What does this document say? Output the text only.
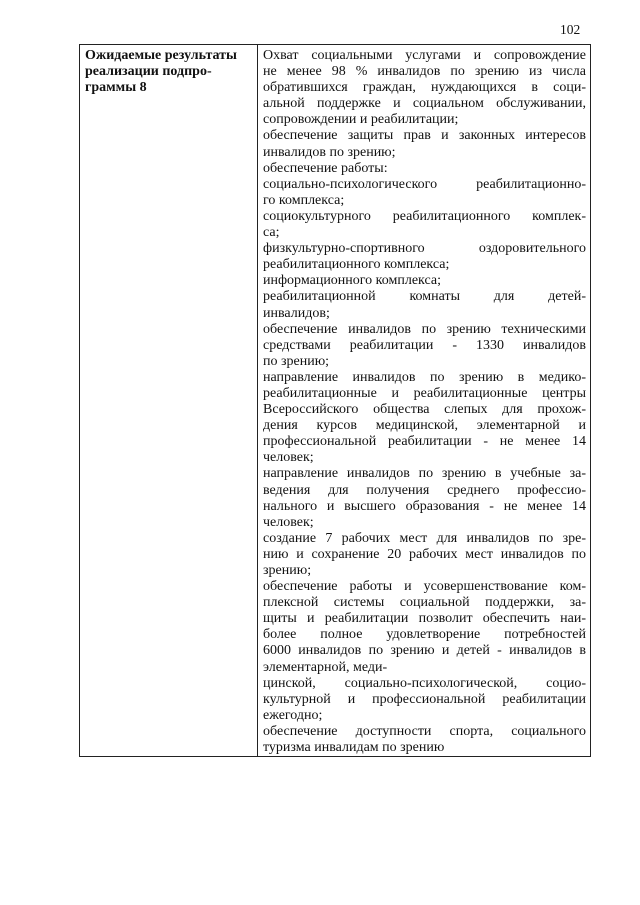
102
Ожидаемые результаты
реализации подпро-
граммы 8

Охват социальными услугами и сопровождение
не менее 98 % инвалидов по зрению из числа
обратившихся граждан, нуждающихся в соци-
альной поддержке и социальном обслуживании,
сопровождении и реабилитации;
обеспечение защиты прав и законных интересов
инвалидов по зрению;
обеспечение работы:
социально-психологического реабилитационно-
го комплекса;
социокультурного реабилитационного комплек-
са;
физкультурно-спортивного оздоровительного
реабилитационного комплекса;
информационного комплекса;
реабилитационной комнаты для детей-
инвалидов;
обеспечение инвалидов по зрению техническими
средствами реабилитации - 1330 инвалидов
по зрению;
направление инвалидов по зрению в медико-
реабилитационные и реабилитационные центры
Всероссийского общества слепых для прохож-
дения курсов медицинской, элементарной и
профессиональной реабилитации - не менее 14
человек;
направление инвалидов по зрению в учебные за-
ведения для получения среднего профессио-
нального и высшего образования - не менее 14
человек;
создание 7 рабочих мест для инвалидов по зре-
нию и сохранение 20 рабочих мест инвалидов по
зрению;
обеспечение работы и усовершенствование ком-
плексной системы социальной поддержки, за-
щиты и реабилитации позволит обеспечить наи-
более полное удовлетворение потребностей
6000 инвалидов по зрению и детей - инвалидов в
элементарной, меди-
цинской, социально-психологической, социо-
культурной и профессиональной реабилитации
ежегодно;
обеспечение доступности спорта, социального
туризма инвалидам по зрению
